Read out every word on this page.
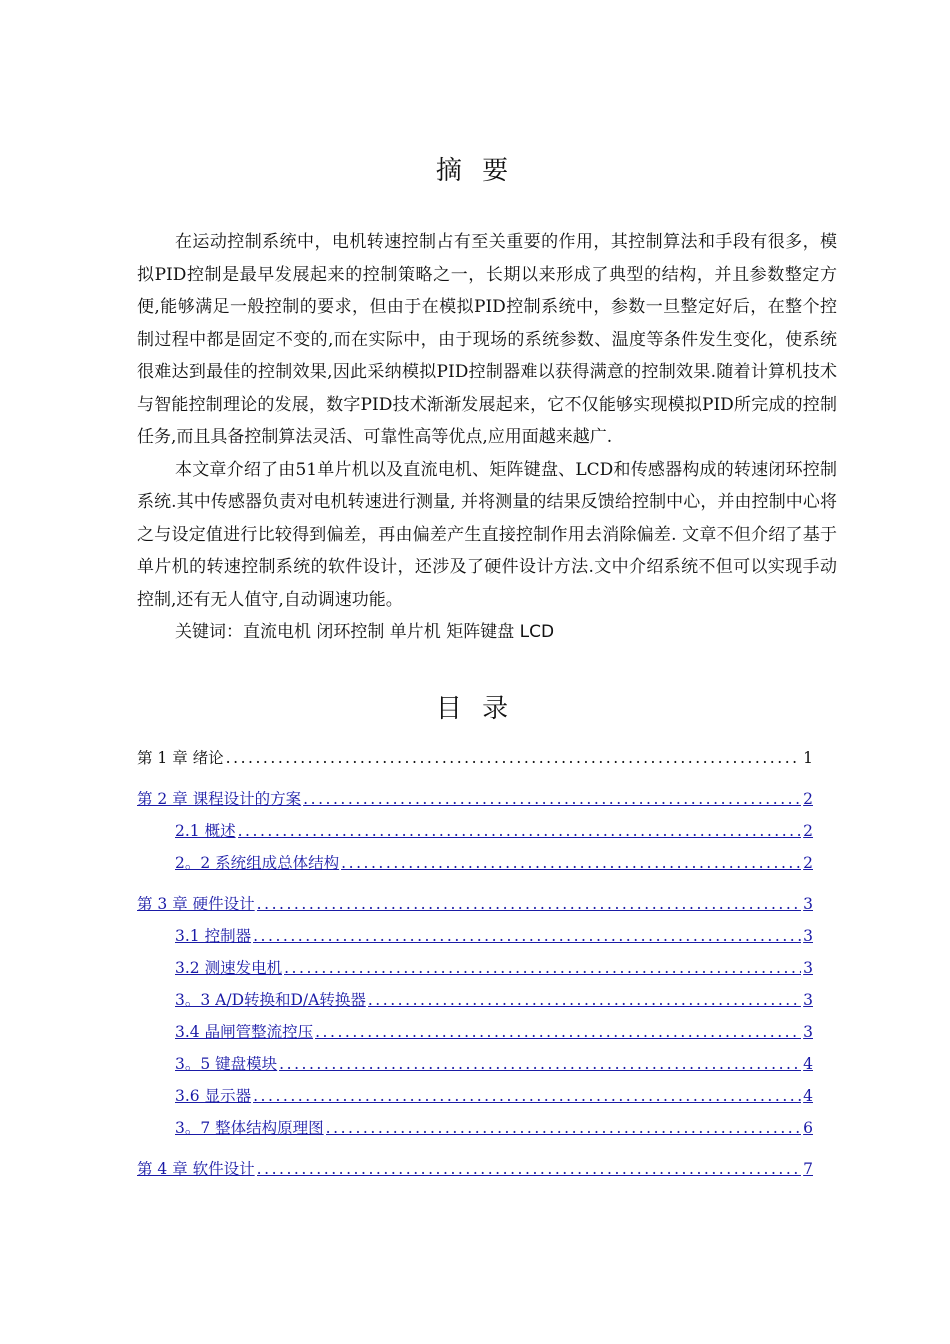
摘 要

在运动控制系统中，电机转速控制占有至关重要的作用，其控制算法和手段有很多，模拟PID控制是最早发展起来的控制策略之一，长期以来形成了典型的结构，并且参数整定方便,能够满足一般控制的要求，但由于在模拟PID控制系统中，参数一旦整定好后，在整个控制过程中都是固定不变的,而在实际中，由于现场的系统参数、温度等条件发生变化，使系统很难达到最佳的控制效果,因此采纳模拟PID控制器难以获得满意的控制效果.随着计算机技术与智能控制理论的发展，数字PID技术渐渐发展起来，它不仅能够实现模拟PID所完成的控制任务,而且具备控制算法灵活、可靠性高等优点,应用面越来越广.

本文章介绍了由51单片机以及直流电机、矩阵键盘、LCD和传感器构成的转速闭环控制系统.其中传感器负责对电机转速进行测量, 并将测量的结果反馈给控制中心，并由控制中心将之与设定值进行比较得到偏差，再由偏差产生直接控制作用去消除偏差. 文章不但介绍了基于单片机的转速控制系统的软件设计，还涉及了硬件设计方法.文中介绍系统不但可以实现手动控制,还有无人值守,自动调速功能。

关键词：直流电机 闭环控制 单片机 矩阵键盘 LCD

目 录
第 1 章 绪论 . . .	1
第 2 章 课程设计的方案 . . .	2
2.1 概述 . . .	2
2。2 系统组成总体结构 . . .	2
第 3 章 硬件设计 . . .	3
3.1 控制器 . . .	3
3.2 测速发电机 . . .	3
3。3 A/D转换和D/A转换器 . . .	3
3.4 晶闸管整流控压 . . .	3
3。5 键盘模块 . . .	4
3.6 显示器 . . .	4
3。7 整体结构原理图 . . .	6
第 4 章 软件设计 . . .	7
